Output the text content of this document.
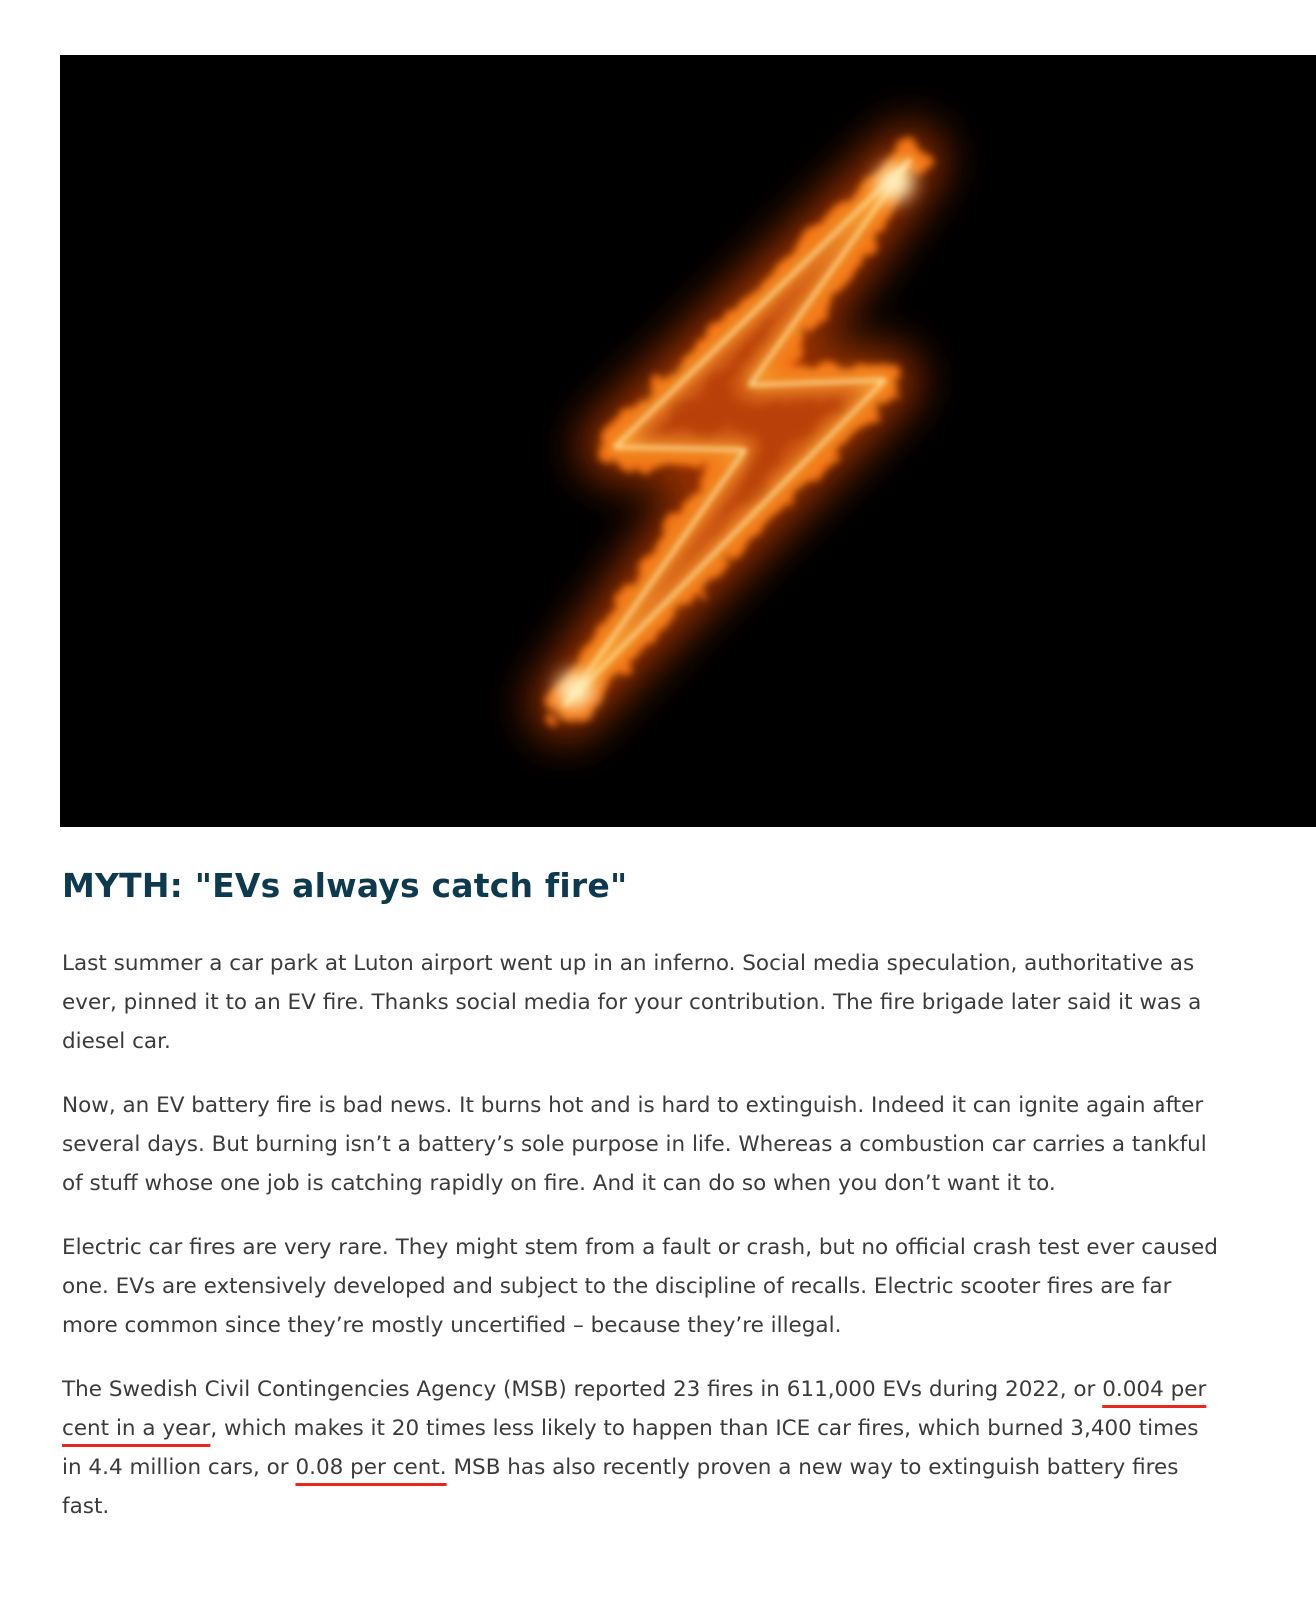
MYTH: "EVs always catch fire"

Last summer a car park at Luton airport went up in an inferno. Social media speculation, authoritative as ever, pinned it to an EV fire. Thanks social media for your contribution. The fire brigade later said it was a diesel car.

Now, an EV battery fire is bad news. It burns hot and is hard to extinguish. Indeed it can ignite again after several days. But burning isn’t a battery’s sole purpose in life. Whereas a combustion car carries a tankful of stuff whose one job is catching rapidly on fire. And it can do so when you don’t want it to.

Electric car fires are very rare. They might stem from a fault or crash, but no official crash test ever caused one. EVs are extensively developed and subject to the discipline of recalls. Electric scooter fires are far more common since they’re mostly uncertified – because they’re illegal.

The Swedish Civil Contingencies Agency (MSB) reported 23 fires in 611,000 EVs during 2022, or 0.004 per cent in a year, which makes it 20 times less likely to happen than ICE car fires, which burned 3,400 times in 4.4 million cars, or 0.08 per cent. MSB has also recently proven a new way to extinguish battery fires fast.
